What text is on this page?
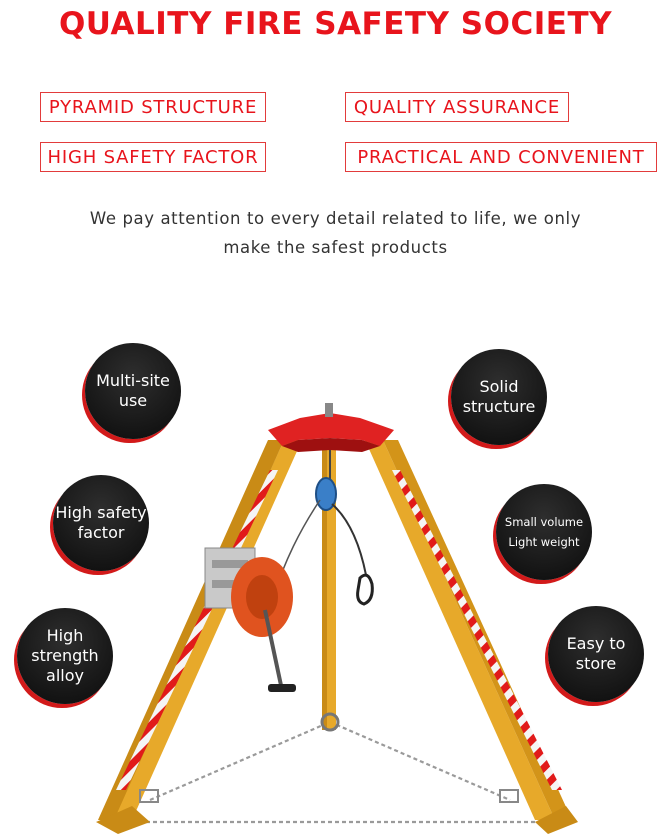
QUALITY FIRE SAFETY SOCIETY
PYRAMID STRUCTURE	QUALITY ASSURANCE
HIGH SAFETY FACTOR	PRACTICAL AND CONVENIENT
We pay attention to every detail related to life, we only
make the safest products
Multi-site
use
Solid
structure
High safety
factor
Small volume
Light weight
High
strength
alloy
Easy to
store
